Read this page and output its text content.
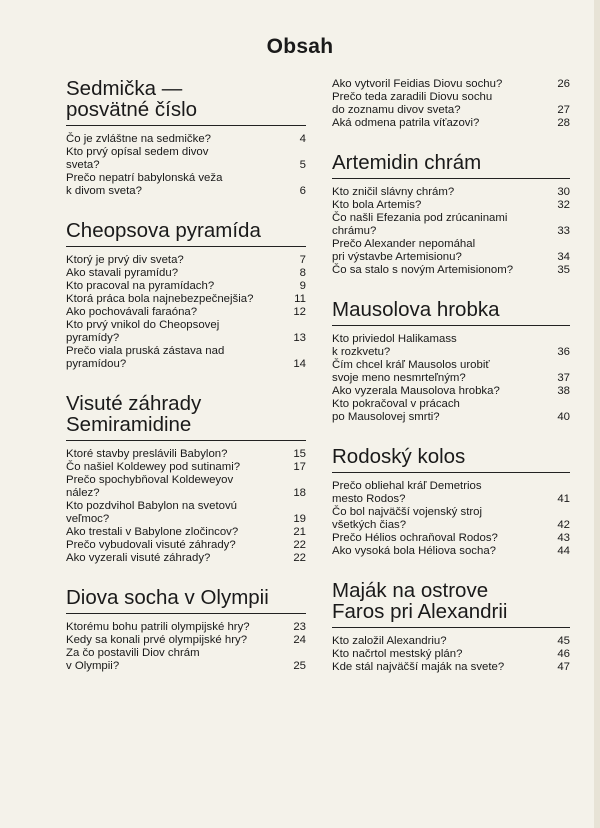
Obsah
Sedmička —
posvätné číslo
Čo je zvláštne na sedmičke?	4
Kto prvý opísal sedem divov
sveta?	5
Prečo nepatrí babylonská veža
k divom sveta?	6
Cheopsova pyramída
Ktorý je prvý div sveta?	7
Ako stavali pyramídu?	8
Kto pracoval na pyramídach?	9
Ktorá práca bola najnebezpečnejšia?	11
Ako pochovávali faraóna?	12
Kto prvý vnikol do Cheopsovej
pyramídy?	13
Prečo viala pruská zástava nad
pyramídou?	14
Visuté záhrady
Semiramidine
Ktoré stavby preslávili Babylon?	15
Čo našiel Koldewey pod sutinami?	17
Prečo spochybňoval Koldeweyov
nález?	18
Kto pozdvihol Babylon na svetovú
veľmoc?	19
Ako trestali v Babylone zločincov?	21
Prečo vybudovali visuté záhrady?	22
Ako vyzerali visuté záhrady?	22
Diova socha v Olympii
Ktorému bohu patrili olympijské hry?	23
Kedy sa konali prvé olympijské hry?	24
Za čo postavili Diov chrám
v Olympii?	25
Ako vytvoril Feidias Diovu sochu?	26
Prečo teda zaradili Diovu sochu
do zoznamu divov sveta?	27
Aká odmena patrila víťazovi?	28
Artemidin chrám
Kto zničil slávny chrám?	30
Kto bola Artemis?	32
Čo našli Efezania pod zrúcaninami
chrámu?	33
Prečo Alexander nepomáhal
pri výstavbe Artemisionu?	34
Čo sa stalo s novým Artemisionom?	35
Mausolova hrobka
Kto priviedol Halikamass
k rozkvetu?	36
Čím chcel kráľ Mausolos urobiť
svoje meno nesmrteľným?	37
Ako vyzerala Mausolova hrobka?	38
Kto pokračoval v prácach
po Mausolovej smrti?	40
Rodoský kolos
Prečo obliehal kráľ Demetrios
mesto Rodos?	41
Čo bol najväčší vojenský stroj
všetkých čias?	42
Prečo Hélios ochraňoval Rodos?	43
Ako vysoká bola Héliova socha?	44
Maják na ostrove
Faros pri Alexandrii
Kto založil Alexandriu?	45
Kto načrtol mestský plán?	46
Kde stál najväčší maják na svete?	47
